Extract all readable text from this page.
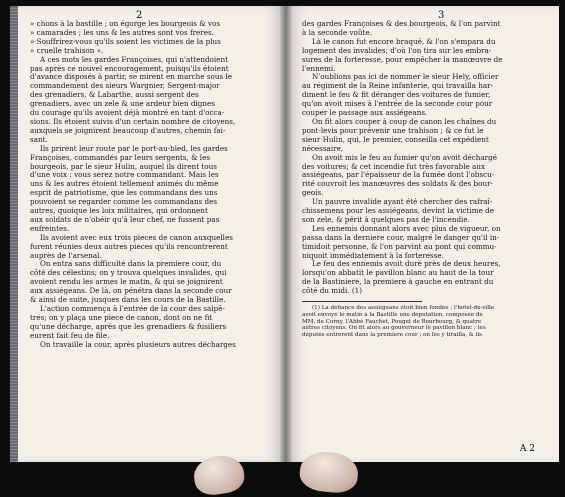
2
» chons à la bastille ; on égorge les bourgeois & vos
» camarades ; les uns & les autres sont vos freres.
» Souffrirez-vous qu'ils soient les victimes de la plus
» cruelle trahison ».
A ces mots les gardes Françoises, qui n'attendoient
pas après ce nouvel encouragement, puisqu'ils étoient
d'avance disposés à partir, se mirent en marche sous le
commandement des sieurs Wargnier, Sergent-major
des grenadiers, & Labarthe, aussi sergent des
grenadiers, avec un zele & une ardeur bien dignes
du courage qu'ils avoient déjà montré en tant d'occa-
sions. Ils étoient suivis d'un certain nombre de citoyens,
auxquels se joignirent beaucoup d'autres, chemin fai-
sant.
Ils prirent leur route par le port-au-bled, les gardes
Françoises, commandés par leurs sergents, & les
bourgeois, par le sieur Hulin, auquel ils dirent tous
d'une voix : vous serez notre commandant. Mais les
uns & les autres étoient tellement animés du même
esprit de patriotisme, que les commandans des uns
pouvoient se regarder comme les commandans des
autres, quoique les loix militaires, qui ordonnent
aux soldats de n'obéir qu'à leur chef, ne fussent pas
enfreintes.
Ils avoient avec eux trois pieces de canon auxquelles
furent réunies deux autres pieces qu'ils rencontrerent
auprès de l'arsenal.
On entra sans difficulté dans la premiere cour, du
côté des célestins; on y trouva quelques invalides, qui
avoient rendu les armes le matin, & qui se joignirent
aux assiégeans. De là, on pénétra dans la seconde cour
& ainsi de suite, jusques dans les cours de la Bastille.
L'action commença à l'entrée de la cour des salpê-
tres; on y plaça une piece de canon, dont on ne fit
qu'une décharge, après que les grenadiers & fusiliers
eurent fait feu de file.
On travaille la cour, après plusieurs autres décharges
3
des gardes Françoises & des bourgeois, & l'on parvint
à la seconde voûte.
Là le canon fut encore braqué, & l'on s'empara du
logement des invalides; d'où l'on tira sur les embra-
sures de la forteresse, pour empêcher la manœuvre de
l'ennemi.
N'oublions pas ici de nommer le sieur Hely, officier
au régiment de la Reine infanterie, qui travailla har-
diment le feu & fit déranger des voitures de fumier,
qu'on avoit mises à l'entrée de la seconde cour pour
couper le passage aux assiégeans.
On fit alors couper à coup de canon les chaînes du
pont-levis pour prévenir une trahison ; & ce fut le
sieur Hulin, qui, le premier, conseilla cet expédient
nécessaire.
On avoit mis le feu au fumier qu'on avoit déchargé
des voitures; & cet incendie fut très favorable aux
assiégeans, par l'épaisseur de la fumée dont l'obscu-
rité couvroit les manœuvres des soldats & des bour-
geois.
Un pauvre invalide ayant été chercher des rafraî-
chissemens pour les assiégeans, devint la victime de
son zele, & périt à quelques pas de l'incendie.
Les ennemis donnant alors avec plus de vigueur, on
passa dans la derniere cour, malgré le danger qu'il in-
timidoit personne, & l'on parvint au pont qui commu-
niquoit immédiatement à la forteresse.
Le feu des ennemis avoit duré près de deux heures,
lorsqu'on abbatit le pavillon blanc au haut de la tour
de la Bastiniere, la premiere à gauche en entrant du
côté du midi. (1)
(1) La défiance des assiégeans étoit bien fondée ; l'hôtel-de-ville
avoit envoyé le matin à la Bastille une députation, composée de
MM. de Corny, l'Abbé Fauchet, Pouget de Bourbourg, & quatre
autres citoyens. On fit alors au gouverneur le pavillon blanc ; les
députés entrerent dans la premiere cour ; on les y tirailla, & ils
A 2
